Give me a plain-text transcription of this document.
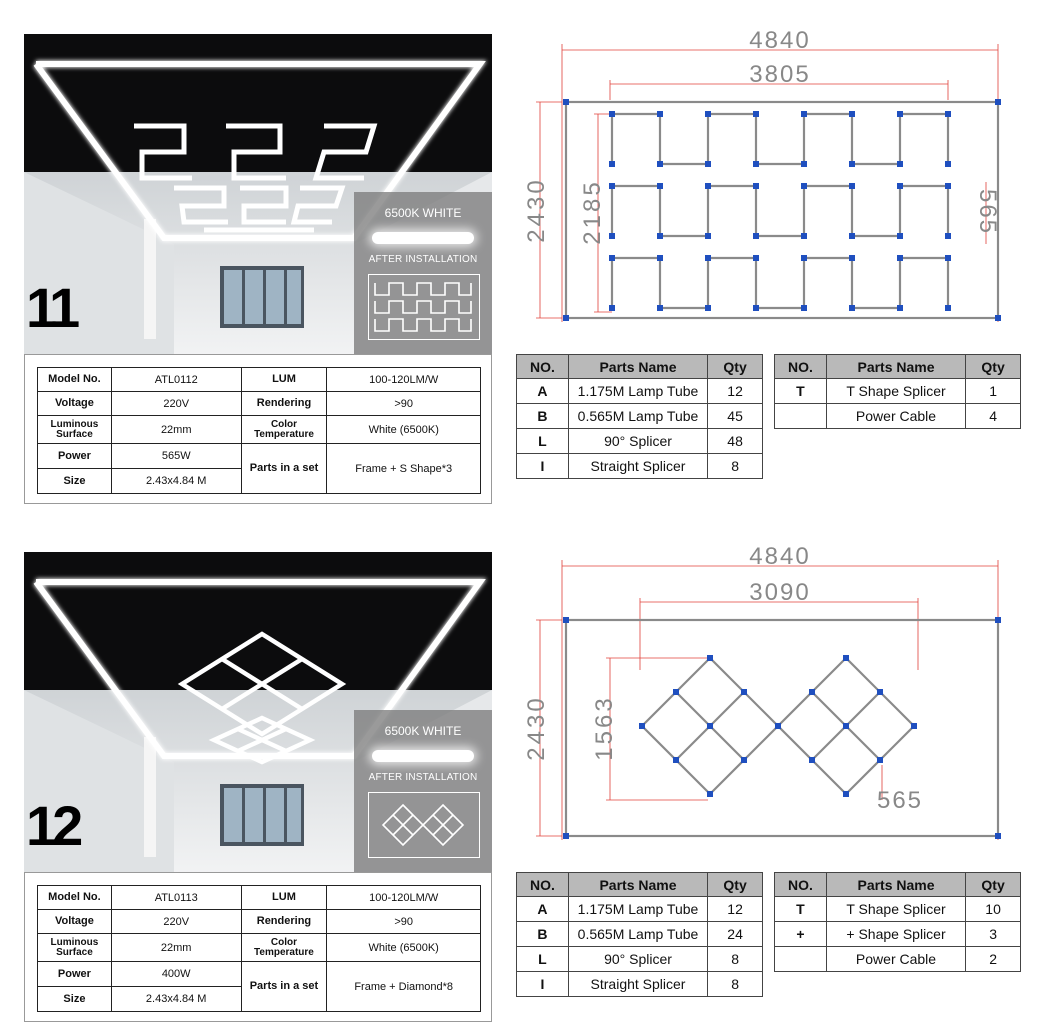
11
6500K WHITE
AFTER INSTALLATION
Model No.	ATL0112	LUM	100-120LM/W
Voltage	220V	Rendering	>90
Luminous Surface	22mm	Color Temperature	White (6500K)
Power	565W	Parts in a set	Frame + S Shape*3
Size	2.43x4.84 M		
4840
3805
2430 2185	565
NO.	Parts Name	Qty
A	1.175M Lamp Tube	12
B	0.565M Lamp Tube	45
L	90° Splicer	48
I	Straight Splicer	8
NO.	Parts Name	Qty
T	T Shape Splicer	1
	Power Cable	4
12
6500K WHITE
AFTER INSTALLATION
Model No.	ATL0113	LUM	100-120LM/W
Voltage	220V	Rendering	>90
Luminous Surface	22mm	Color Temperature	White (6500K)
Power	400W	Parts in a set	Frame + Diamond*8
Size	2.43x4.84 M		
4840
3090
2430 1563
565
NO.	Parts Name	Qty
A	1.175M Lamp Tube	12
B	0.565M Lamp Tube	24
L	90° Splicer	8
I	Straight Splicer	8
NO.	Parts Name	Qty
T	T Shape Splicer	10
+	+ Shape Splicer	3
	Power Cable	2
